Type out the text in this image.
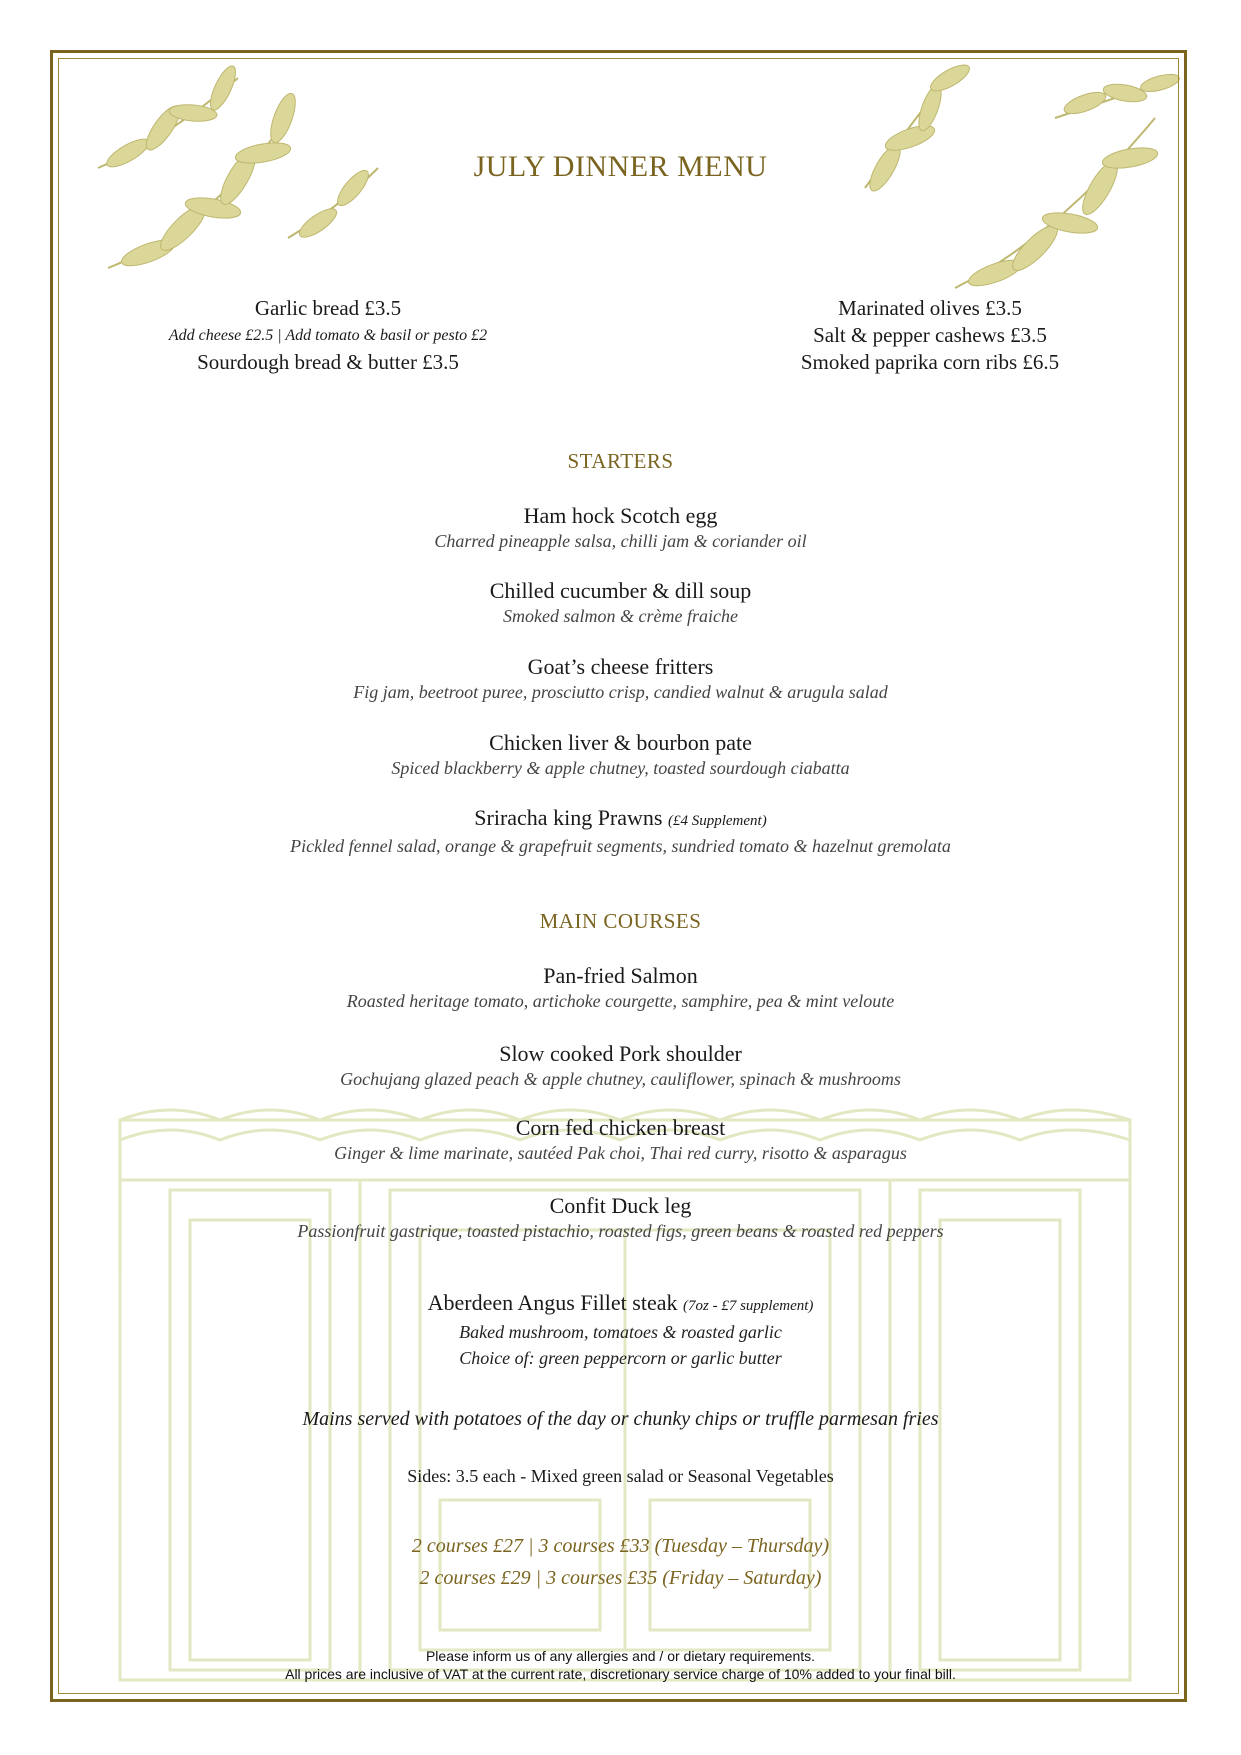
JULY DINNER MENU
Garlic bread £3.5
Add cheese £2.5 | Add tomato & basil or pesto £2
Sourdough bread & butter £3.5
Marinated olives £3.5
Salt & pepper cashews £3.5
Smoked paprika corn ribs £6.5
STARTERS
Ham hock Scotch egg
Charred pineapple salsa, chilli jam & coriander oil
Chilled cucumber & dill soup
Smoked salmon & crème fraiche
Goat’s cheese fritters
Fig jam, beetroot puree, prosciutto crisp, candied walnut & arugula salad
Chicken liver & bourbon pate
Spiced blackberry & apple chutney, toasted sourdough ciabatta
Sriracha king Prawns (£4 Supplement)
Pickled fennel salad, orange & grapefruit segments, sundried tomato & hazelnut gremolata
MAIN COURSES
Pan-fried Salmon
Roasted heritage tomato, artichoke courgette, samphire, pea & mint veloute
Slow cooked Pork shoulder
Gochujang glazed peach & apple chutney, cauliflower, spinach & mushrooms
Corn fed chicken breast
Ginger & lime marinate, sautéed Pak choi, Thai red curry, risotto & asparagus
Confit Duck leg
Passionfruit gastrique, toasted pistachio, roasted figs, green beans & roasted red peppers
Aberdeen Angus Fillet steak (7oz - £7 supplement)
Baked mushroom, tomatoes & roasted garlic
Choice of: green peppercorn or garlic butter
Mains served with potatoes of the day or chunky chips or truffle parmesan fries
Sides: 3.5 each - Mixed green salad or Seasonal Vegetables
2 courses £27 | 3 courses £33 (Tuesday – Thursday)
2 courses £29 | 3 courses £35 (Friday – Saturday)
Please inform us of any allergies and / or dietary requirements.
All prices are inclusive of VAT at the current rate, discretionary service charge of 10% added to your final bill.
